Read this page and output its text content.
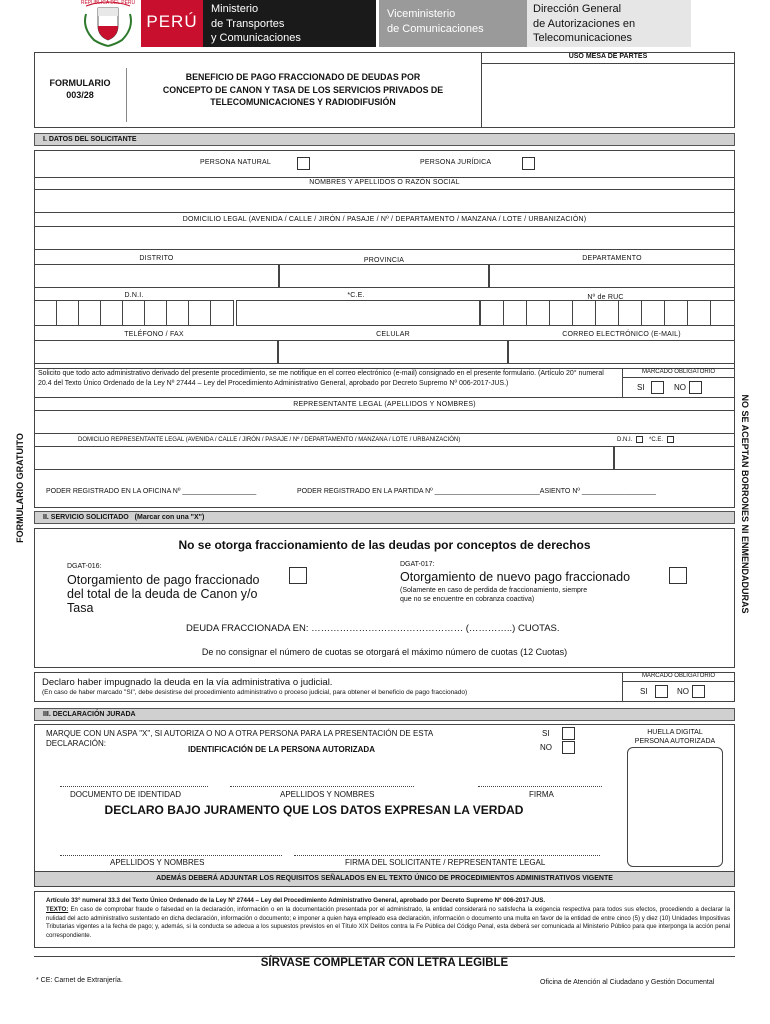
REPUBLICA DEL PERU
PERÚ
Ministerio
de Transportes
y Comunicaciones
Viceministerio
de Comunicaciones
Dirección General
de Autorizaciones en
Telecomunicaciones
USO MESA DE PARTES
FORMULARIO
003/28
BENEFICIO DE PAGO FRACCIONADO DE DEUDAS POR
CONCEPTO DE CANON Y TASA DE LOS SERVICIOS PRIVADOS DE
TELECOMUNICACIONES Y RADIODIFUSIÓN
FORMULARIO GRATUITO	NO SE ACEPTAN BORRONES NI ENMENDADURAS
I. DATOS DEL SOLICITANTE
PERSONA NATURAL	PERSONA JURÍDICA
NOMBRES Y APELLIDOS O RAZÓN SOCIAL
DOMICILIO LEGAL (AVENIDA / CALLE / JIRÓN / PASAJE / Nº / DEPARTAMENTO / MANZANA / LOTE / URBANIZACIÓN)
DISTRITO	PROVINCIA	DEPARTAMENTO
D.N.I.	*C.E.	Nº de RUC
TELÉFONO / FAX	CELULAR	CORREO ELECTRÓNICO (E-MAIL)
Solicito que todo acto administrativo derivado del presente procedimiento, se me notifique en el correo electrónico (e-mail) consignado en el presente formulario. (Artículo 20° numeral 20.4 del Texto Único Ordenado de la Ley Nº 27444 – Ley del Procedimiento Administrativo General, aprobado por Decreto Supremo Nº 006-2017-JUS.)
MARCADO OBLIGATORIO
SI	NO
REPRESENTANTE LEGAL (APELLIDOS Y NOMBRES)
DOMICILIO REPRESENTANTE LEGAL (AVENIDA / CALLE / JIRÓN / PASAJE / Nº / DEPARTAMENTO / MANZANA / LOTE / URBANIZACIÓN)	D.N.I.	*C.E.
PODER REGISTRADO EN LA OFICINA Nº ___________________	PODER REGISTRADO EN LA PARTIDA Nº ___________________________ASIENTO Nº ___________________
II. SERVICIO SOLICITADO (Marcar con una "X")
No se otorga fraccionamiento de las deudas por conceptos de derechos
DGAT-016:
Otorgamiento de pago fraccionado
del total de la deuda de Canon y/o
Tasa
DGAT-017:
Otorgamiento de nuevo pago fraccionado
(Solamente en caso de perdida de fraccionamiento, siempre
que no se encuentre en cobranza coactiva)
DEUDA FRACCIONADA EN: ………………………………………… (…………..) CUOTAS.
De no consignar el número de cuotas se otorgará el máximo número de cuotas (12 Cuotas)
Declaro haber impugnado la deuda en la vía administrativa o judicial.
(En caso de haber marcado "SI", debe desistirse del procedimiento administrativo o proceso judicial, para obtener el beneficio de pago fraccionado)
MARCADO OBLIGATORIO
SI	NO
III. DECLARACIÓN JURADA
MARQUE CON UN ASPA "X", SI AUTORIZA O NO A OTRA PERSONA PARA LA PRESENTACIÓN DE ESTA
DECLARACIÓN:
SI
NO
IDENTIFICACIÓN DE LA PERSONA AUTORIZADA
HUELLA DIGITAL
PERSONA AUTORIZADA
DOCUMENTO DE IDENTIDAD	APELLIDOS Y NOMBRES	FIRMA
DECLARO BAJO JURAMENTO QUE LOS DATOS EXPRESAN LA VERDAD
APELLIDOS Y NOMBRES	FIRMA DEL SOLICITANTE / REPRESENTANTE LEGAL
ADEMÁS DEBERÁ ADJUNTAR LOS REQUISITOS SEÑALADOS EN EL TEXTO ÚNICO DE PROCEDIMIENTOS ADMINISTRATIVOS VIGENTE
Artículo 33° numeral 33.3 del Texto Único Ordenado de la Ley Nº 27444 – Ley del Procedimiento Administrativo General, aprobado por Decreto Supremo Nº 006-2017-JUS.
TEXTO: En caso de comprobar fraude o falsedad en la declaración, información o en la documentación presentada por el administrado, la entidad considerará no satisfecha la exigencia respectiva para todos sus efectos, procediendo a declarar la nulidad del acto administrativo sustentado en dicha declaración, información o documento; e imponer a quien haya empleado esa declaración, información o documento una multa en favor de la entidad de entre cinco (5) y diez (10) Unidades Impositivas Tributarias vigentes a la fecha de pago; y, además, si la conducta se adecua a los supuestos previstos en el Título XIX Delitos contra la Fe Pública del Código Penal, esta deberá ser comunicada al Ministerio Público para que interponga la acción penal correspondiente.
SÍRVASE COMPLETAR CON LETRA LEGIBLE
* CE: Carnet de Extranjería.	Oficina de Atención al Ciudadano y Gestión Documental
